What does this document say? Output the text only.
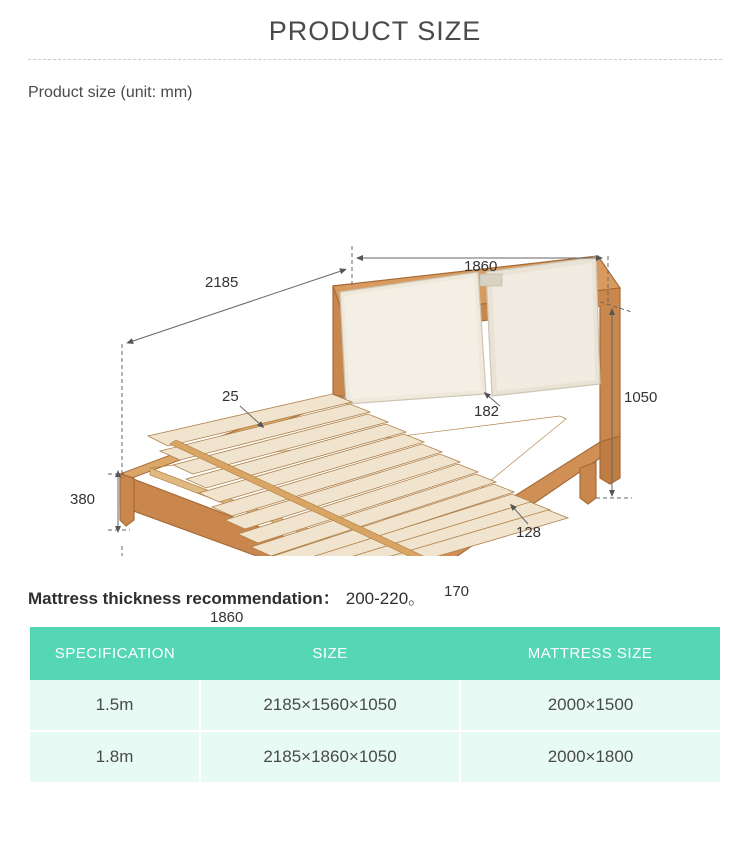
PRODUCT SIZE
Product size (unit: mm)
2185
1860
1050
25
182
380
128
170
1860
Mattress thickness recommendation： 200-220。
SPECIFICATION	SIZE	MATTRESS SIZE
1.5m	2185×1560×1050	2000×1500
1.8m	2185×1860×1050	2000×1800
